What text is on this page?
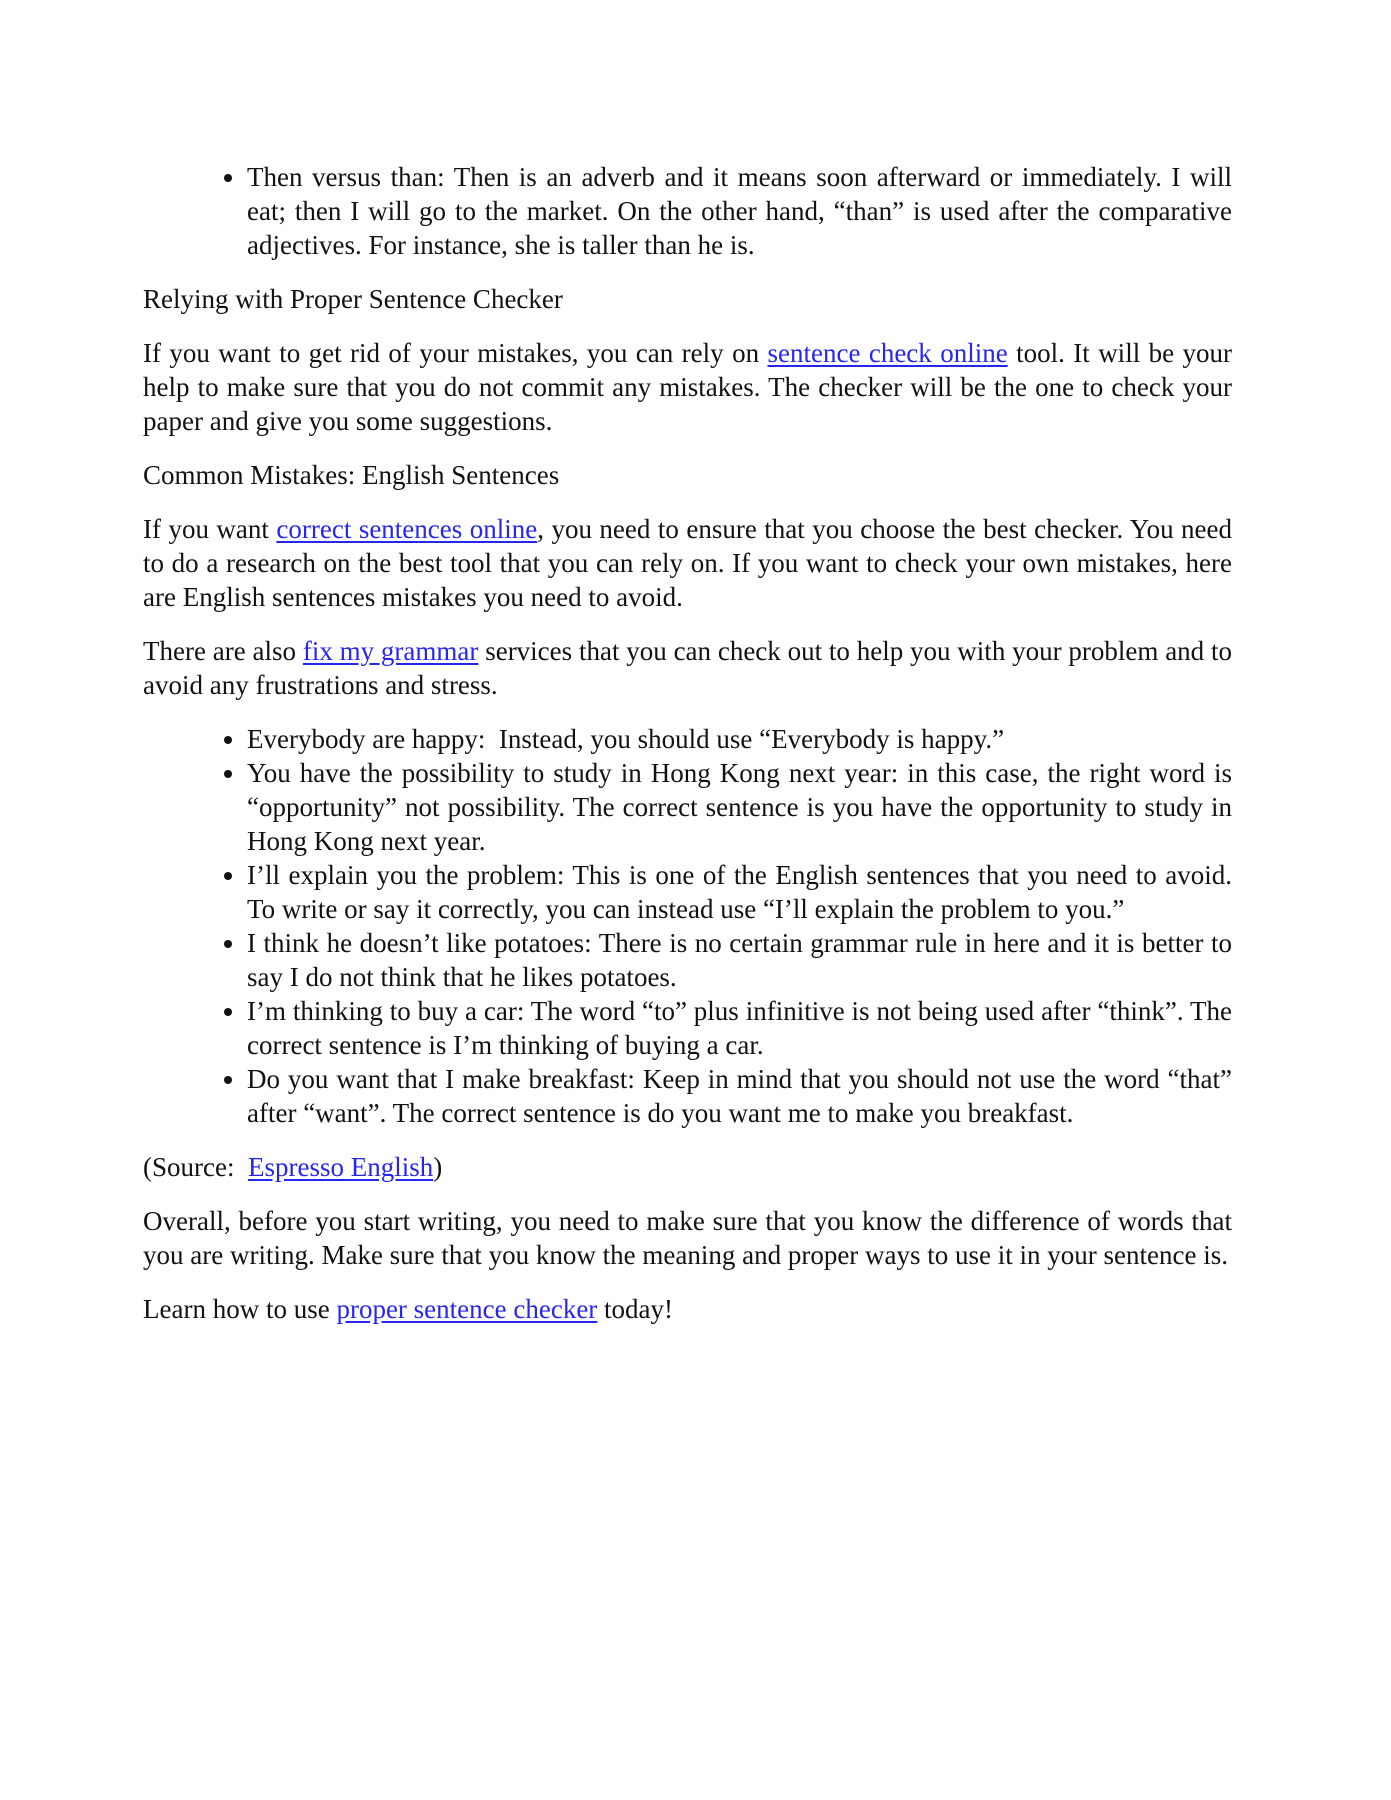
• Then versus than: Then is an adverb and it means soon afterward or immediately. I will eat; then I will go to the market. On the other hand, “than” is used after the comparative adjectives. For instance, she is taller than he is.

Relying with Proper Sentence Checker

If you want to get rid of your mistakes, you can rely on sentence check online tool. It will be your help to make sure that you do not commit any mistakes. The checker will be the one to check your paper and give you some suggestions.

Common Mistakes: English Sentences

If you want correct sentences online, you need to ensure that you choose the best checker. You need to do a research on the best tool that you can rely on. If you want to check your own mistakes, here are English sentences mistakes you need to avoid.

There are also fix my grammar services that you can check out to help you with your problem and to avoid any frustrations and stress.

• Everybody are happy:  Instead, you should use “Everybody is happy.”
• You have the possibility to study in Hong Kong next year: in this case, the right word is “opportunity” not possibility. The correct sentence is you have the opportunity to study in Hong Kong next year.
• I’ll explain you the problem: This is one of the English sentences that you need to avoid. To write or say it correctly, you can instead use “I’ll explain the problem to you.”
• I think he doesn’t like potatoes: There is no certain grammar rule in here and it is better to say I do not think that he likes potatoes.
• I’m thinking to buy a car: The word “to” plus infinitive is not being used after “think”. The correct sentence is I’m thinking of buying a car.
• Do you want that I make breakfast: Keep in mind that you should not use the word “that” after “want”. The correct sentence is do you want me to make you breakfast.

(Source:  Espresso English)

Overall, before you start writing, you need to make sure that you know the difference of words that you are writing. Make sure that you know the meaning and proper ways to use it in your sentence is.

Learn how to use proper sentence checker today!
